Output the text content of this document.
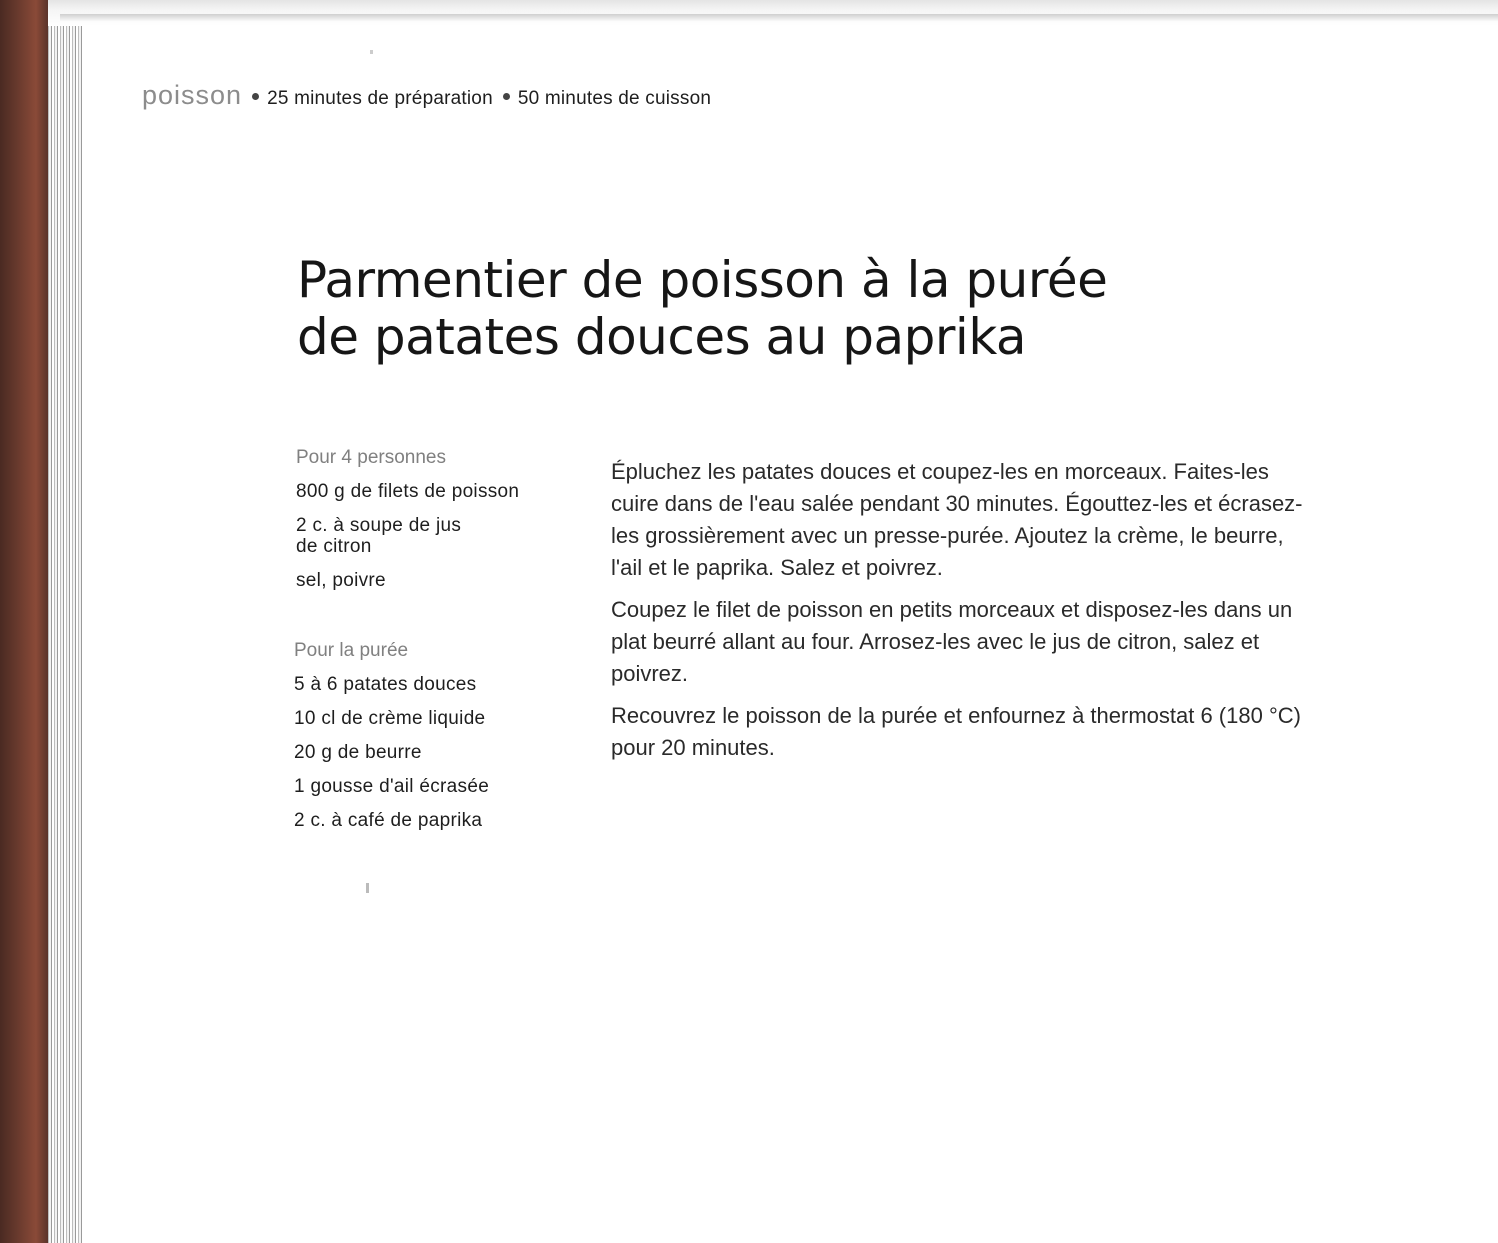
poisson 25 minutes de préparation 50 minutes de cuisson
Parmentier de poisson à la purée
de patates douces au paprika
Pour 4 personnes
800 g de filets de poisson
2 c. à soupe de jus
de citron
sel, poivre
Pour la purée
5 à 6 patates douces
10 cl de crème liquide
20 g de beurre
1 gousse d'ail écrasée
2 c. à café de paprika

Épluchez les patates douces et coupez-les en morceaux. Faites-les cuire dans de l'eau salée pendant 30 minutes. Égouttez-les et écrasez-les grossièrement avec un presse-purée. Ajoutez la crème, le beurre, l'ail et le paprika. Salez et poivrez.

Coupez le filet de poisson en petits morceaux et disposez-les dans un plat beurré allant au four. Arrosez-les avec le jus de citron, salez et poivrez.

Recouvrez le poisson de la purée et enfournez à thermostat 6 (180 °C) pour 20 minutes.
